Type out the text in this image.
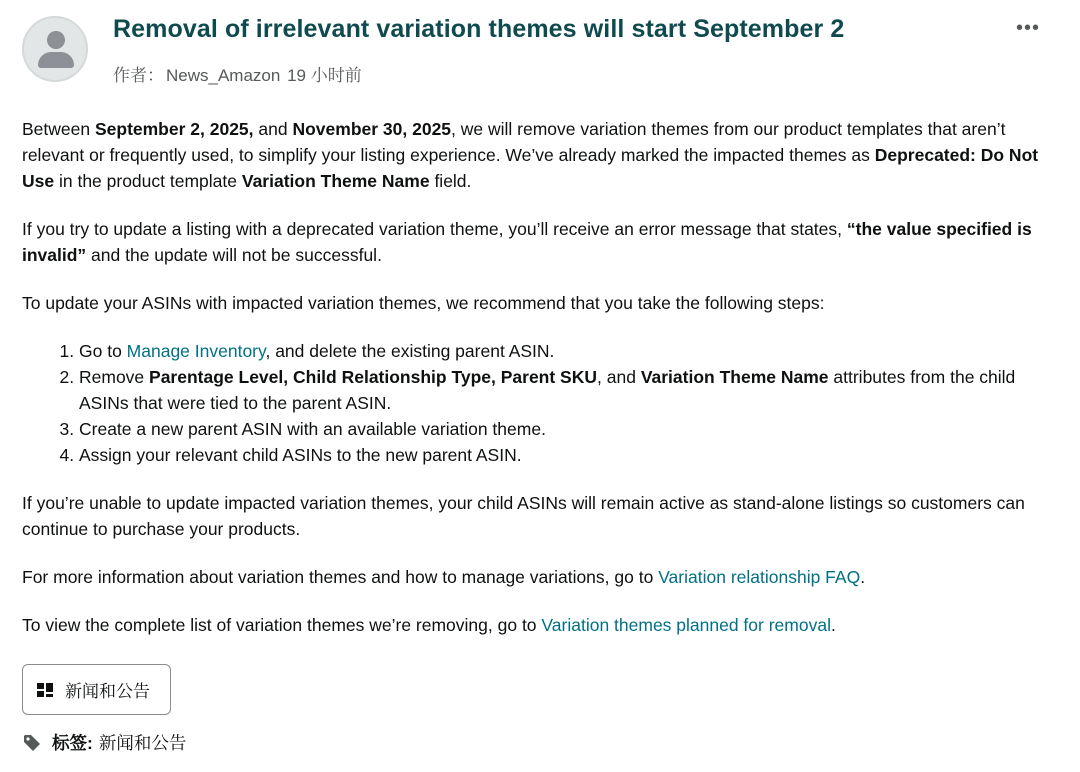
Removal of irrelevant variation themes will start September 2
作者： News_Amazon 19 小时前
•••

Between September 2, 2025, and November 30, 2025, we will remove variation themes from our product templates that aren’t relevant or frequently used, to simplify your listing experience. We’ve already marked the impacted themes as Deprecated: Do Not Use in the product template Variation Theme Name field.

If you try to update a listing with a deprecated variation theme, you’ll receive an error message that states, “the value specified is invalid” and the update will not be successful.

To update your ASINs with impacted variation themes, we recommend that you take the following steps:

1. Go to Manage Inventory, and delete the existing parent ASIN.
2. Remove Parentage Level, Child Relationship Type, Parent SKU, and Variation Theme Name attributes from the child ASINs that were tied to the parent ASIN.
3. Create a new parent ASIN with an available variation theme.
4. Assign your relevant child ASINs to the new parent ASIN.

If you’re unable to update impacted variation themes, your child ASINs will remain active as stand-alone listings so customers can continue to purchase your products.

For more information about variation themes and how to manage variations, go to Variation relationship FAQ.

To view the complete list of variation themes we’re removing, go to Variation themes planned for removal.

新闻和公告
标签: 新闻和公告
